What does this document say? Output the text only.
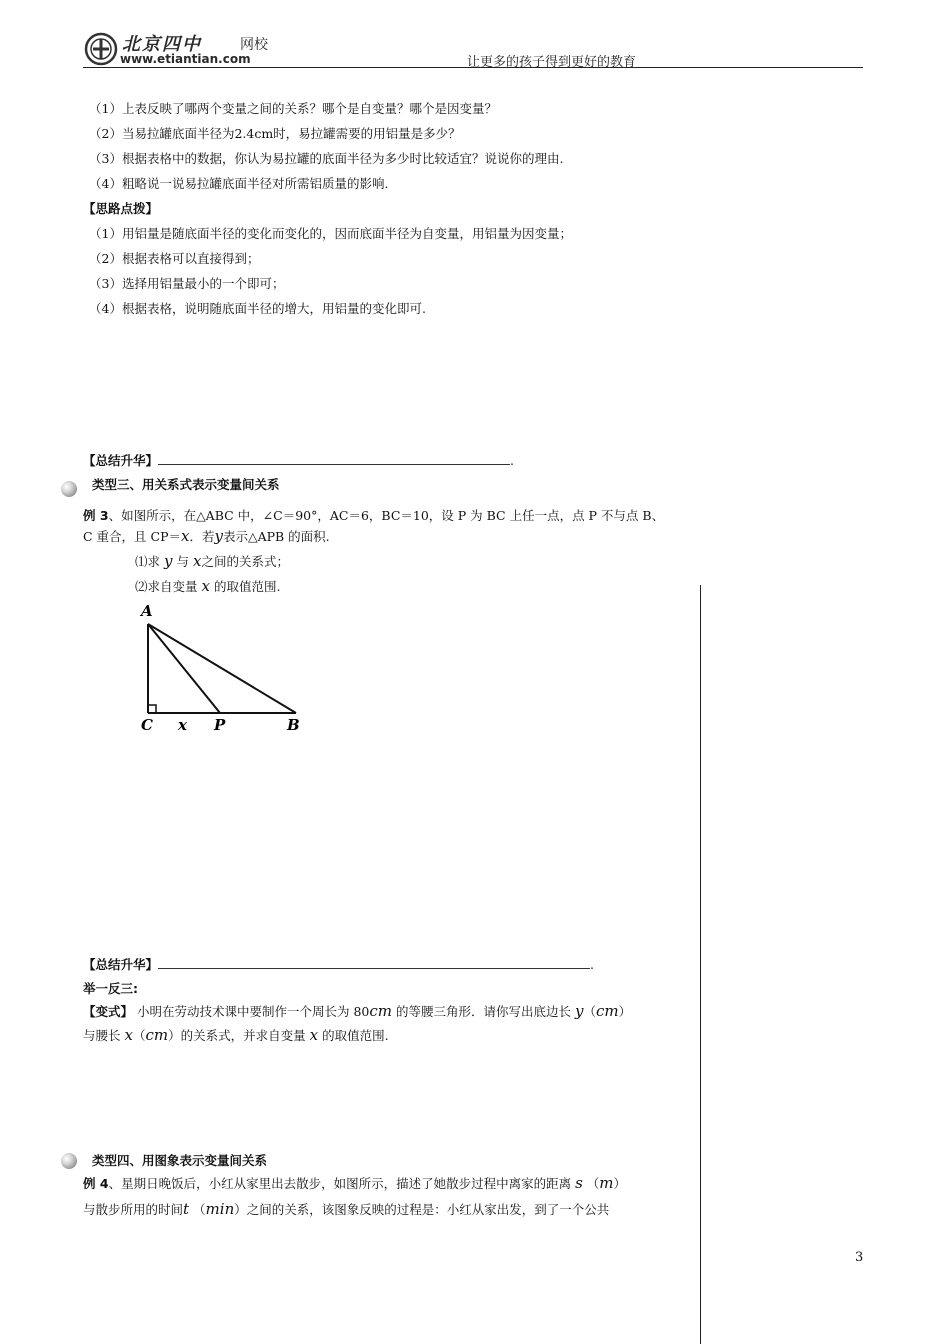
北京四中	网校
www.etiantian.com	让更多的孩子得到更好的教育
（1）上表反映了哪两个变量之间的关系？哪个是自变量？哪个是因变量？
（2）当易拉罐底面半径为2.4cm时，易拉罐需要的用铝量是多少？
（3）根据表格中的数据，你认为易拉罐的底面半径为多少时比较适宜？说说你的理由.
（4）粗略说一说易拉罐底面半径对所需铝质量的影响.
【思路点拨】
（1）用铝量是随底面半径的变化而变化的，因而底面半径为自变量，用铝量为因变量；
（2）根据表格可以直接得到；
（3）选择用铝量最小的一个即可；
（4）根据表格，说明随底面半径的增大，用铝量的变化即可.
【总结升华】	.
类型三、用关系式表示变量间关系
例 3、如图所示，在△ABC 中，∠C＝90°，AC＝6，BC＝10，设 P 为 BC 上任一点，点 P 不与点 B、
C 重合，且 CP＝x．若y表示△APB 的面积.
⑴求 y 与 x之间的关系式；
⑵求自变量 x 的取值范围.
A
C x P	B
【总结升华】	.
举一反三:
【变式】 小明在劳动技术课中要制作一个周长为 80cm 的等腰三角形．请你写出底边长 y（cm）
与腰长 x（cm）的关系式，并求自变量 x 的取值范围.
类型四、用图象表示变量间关系
例 4、星期日晚饭后，小红从家里出去散步，如图所示，描述了她散步过程中离家的距离 s （m）
与散步所用的时间t （min）之间的关系，该图象反映的过程是：小红从家出发，到了一个公共
3
